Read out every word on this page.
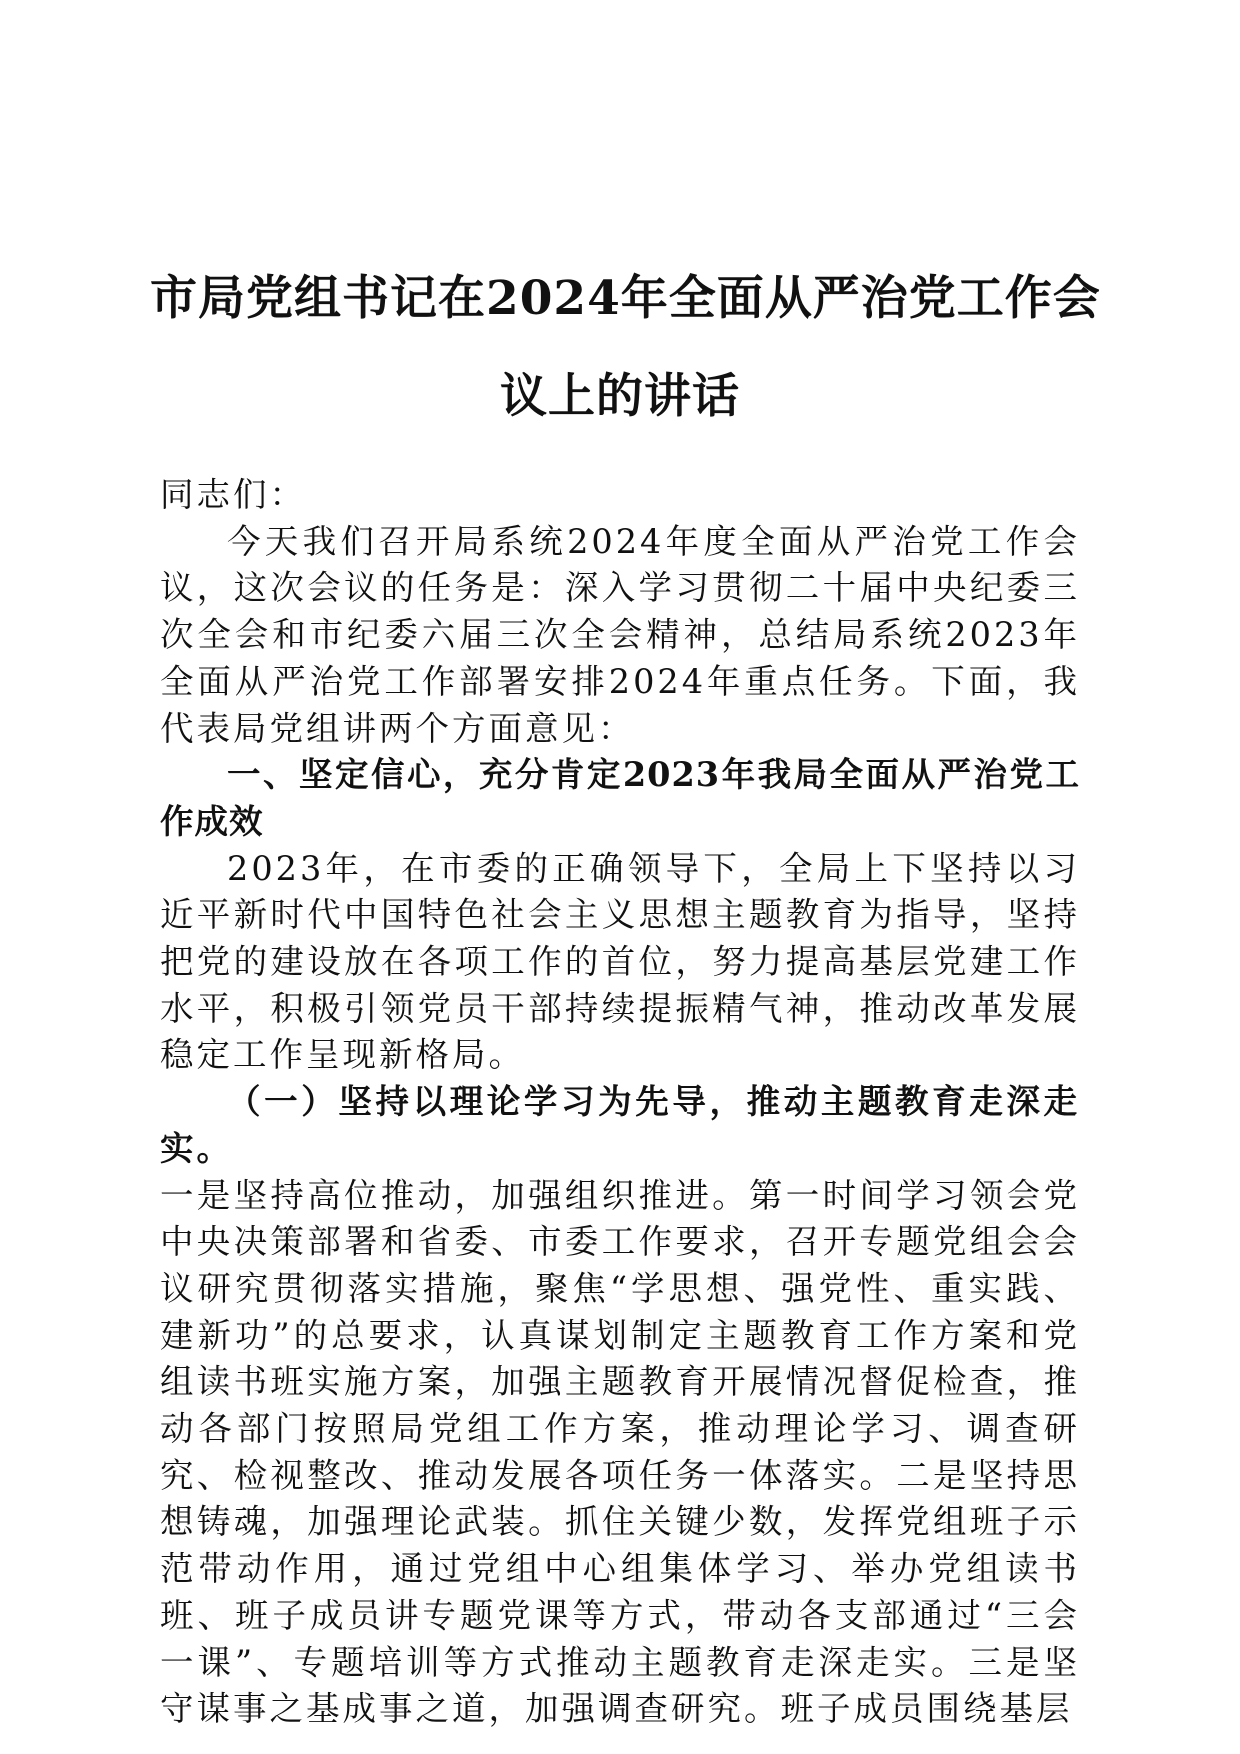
市局党组书记在2024年全面从严治党工作会
议上的讲话

同志们：

今天我们召开局系统2024年度全面从严治党工作会议，这次会议的任务是：深入学习贯彻二十届中央纪委三次全会和市纪委六届三次全会精神，总结局系统2023年全面从严治党工作部署安排2024年重点任务。下面，我代表局党组讲两个方面意见：

一、坚定信心，充分肯定2023年我局全面从严治党工作成效

2023年，在市委的正确领导下，全局上下坚持以习近平新时代中国特色社会主义思想主题教育为指导，坚持把党的建设放在各项工作的首位，努力提高基层党建工作水平，积极引领党员干部持续提振精气神，推动改革发展稳定工作呈现新格局。

（一）坚持以理论学习为先导，推动主题教育走深走实。

一是坚持高位推动，加强组织推进。第一时间学习领会党中央决策部署和省委、市委工作要求，召开专题党组会会议研究贯彻落实措施，聚焦“学思想、强党性、重实践、建新功”的总要求，认真谋划制定主题教育工作方案和党组读书班实施方案，加强主题教育开展情况督促检查，推动各部门按照局党组工作方案，推动理论学习、调查研究、检视整改、推动发展各项任务一体落实。二是坚持思想铸魂，加强理论武装。抓住关键少数，发挥党组班子示范带动作用，通过党组中心组集体学习、举办党组读书班、班子成员讲专题党课等方式，带动各支部通过“三会一课”、专题培训等方式推动主题教育走深走实。三是坚守谋事之基成事之道，加强调查研究。班子成员围绕基层
